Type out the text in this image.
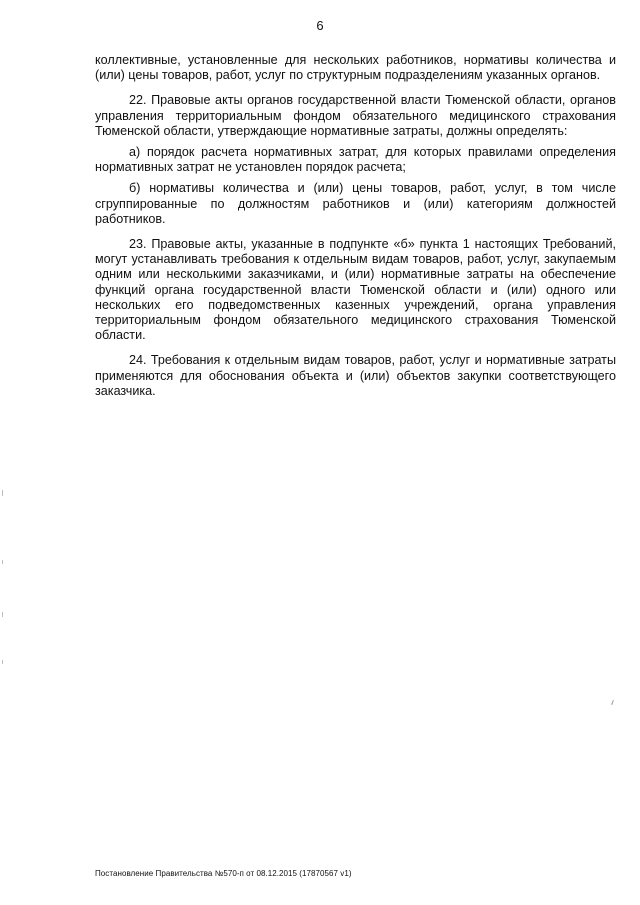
6

коллективные, установленные для нескольких работников, нормативы количества и (или) цены товаров, работ, услуг по структурным подразделениям указанных органов.

22. Правовые акты органов государственной власти Тюменской области, органов управления территориальным фондом обязательного медицинского страхования Тюменской области, утверждающие нормативные затраты, должны определять:

а) порядок расчета нормативных затрат, для которых правилами определения нормативных затрат не установлен порядок расчета;

б) нормативы количества и (или) цены товаров, работ, услуг, в том числе сгруппированные по должностям работников и (или) категориям должностей работников.

23. Правовые акты, указанные в подпункте «б» пункта 1 настоящих Требований, могут устанавливать требования к отдельным видам товаров, работ, услуг, закупаемым одним или несколькими заказчиками, и (или) нормативные затраты на обеспечение функций органа государственной власти Тюменской области и (или) одного или нескольких его подведомственных казенных учреждений, органа управления территориальным фондом обязательного медицинского страхования Тюменской области.

24. Требования к отдельным видам товаров, работ, услуг и нормативные затраты применяются для обоснования объекта и (или) объектов закупки соответствующего заказчика.

Постановление Правительства №570-п от 08.12.2015 (17870567 v1)
